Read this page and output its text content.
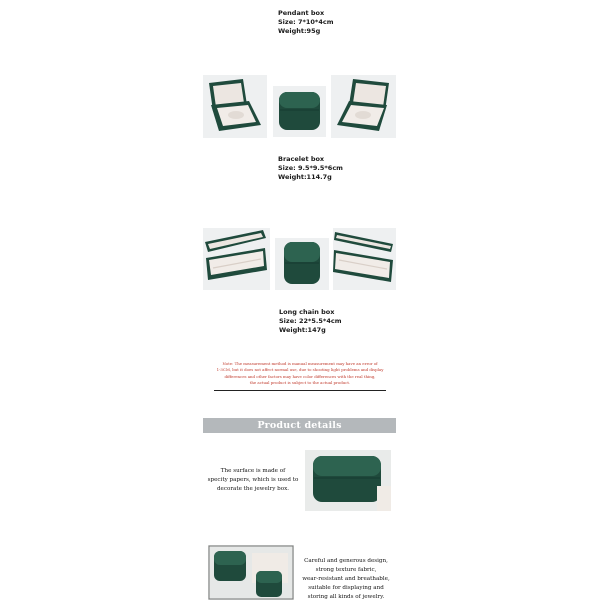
Pendant box
Size: 7*10*4cm
Weight:95g
Bracelet box
Size: 9.5*9.5*6cm
Weight:114.7g
Long chain box
Size: 22*5.5*4cm
Weight:147g
Note: The measurement method is manual measurement may have an error of
1-3CM, but it does not affect normal use, due to shooting light problems and display
differences and other factors may have color differences with the real thing,
the actual product is subject to the actual product.
Product details
The surface is made of
specity papers, which is used to
decorate the jewelry box.
Careful and generous design,
strong texture fabric,
wear-resistant and breathable,
suitable for displaying and
storing all kinds of jewelry.
